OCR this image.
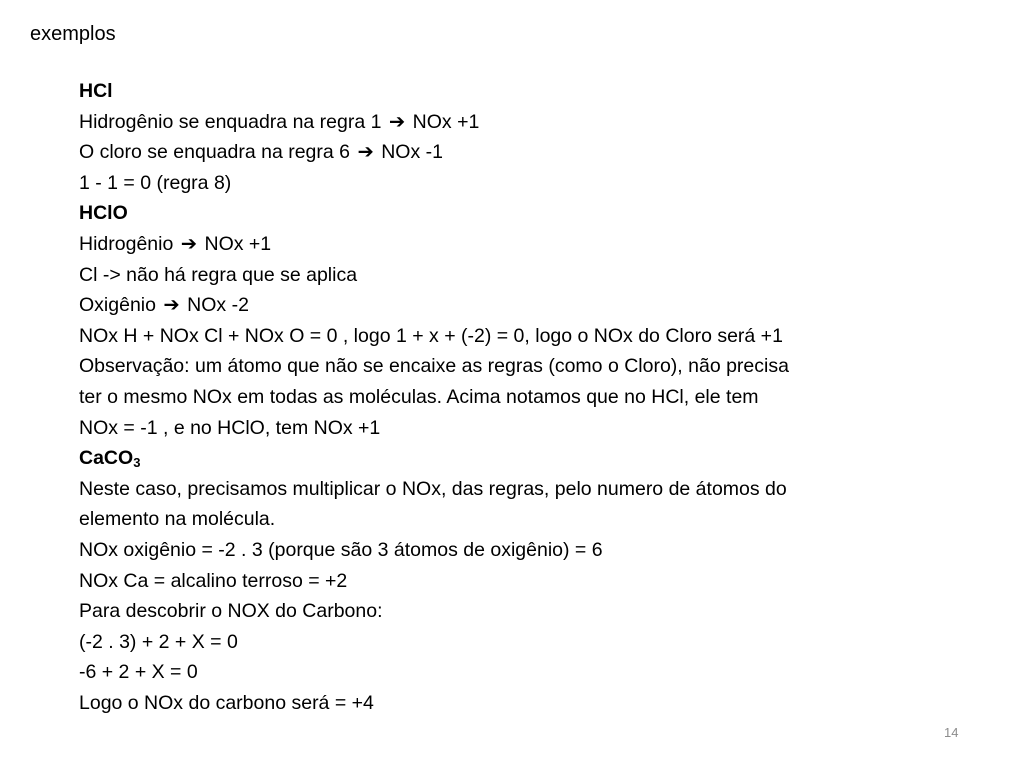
exemplos
HCl
Hidrogênio se enquadra na regra 1 ➔ NOx +1
O cloro se enquadra na regra 6 ➔ NOx -1
1 - 1 = 0 (regra 8)
HClO
Hidrogênio ➔ NOx +1
Cl -> não há regra que se aplica
Oxigênio ➔ NOx -2
NOx H + NOx Cl + NOx O = 0 , logo 1 + x + (-2) = 0, logo o NOx do Cloro será +1
Observação: um átomo que não se encaixe as regras (como o Cloro), não precisa
ter o mesmo NOx em todas as moléculas. Acima notamos que no HCl, ele tem
NOx = -1 , e no HClO, tem NOx +1
CaCO$_3$
Neste caso, precisamos multiplicar o NOx, das regras, pelo numero de átomos do
elemento na molécula.
NOx oxigênio = -2 . 3 (porque são 3 átomos de oxigênio) = 6
NOx Ca = alcalino terroso = +2
Para descobrir o NOX do Carbono:
(-2 . 3) + 2 + X = 0
-6 + 2 + X = 0
Logo o NOx do carbono será = +4
14
